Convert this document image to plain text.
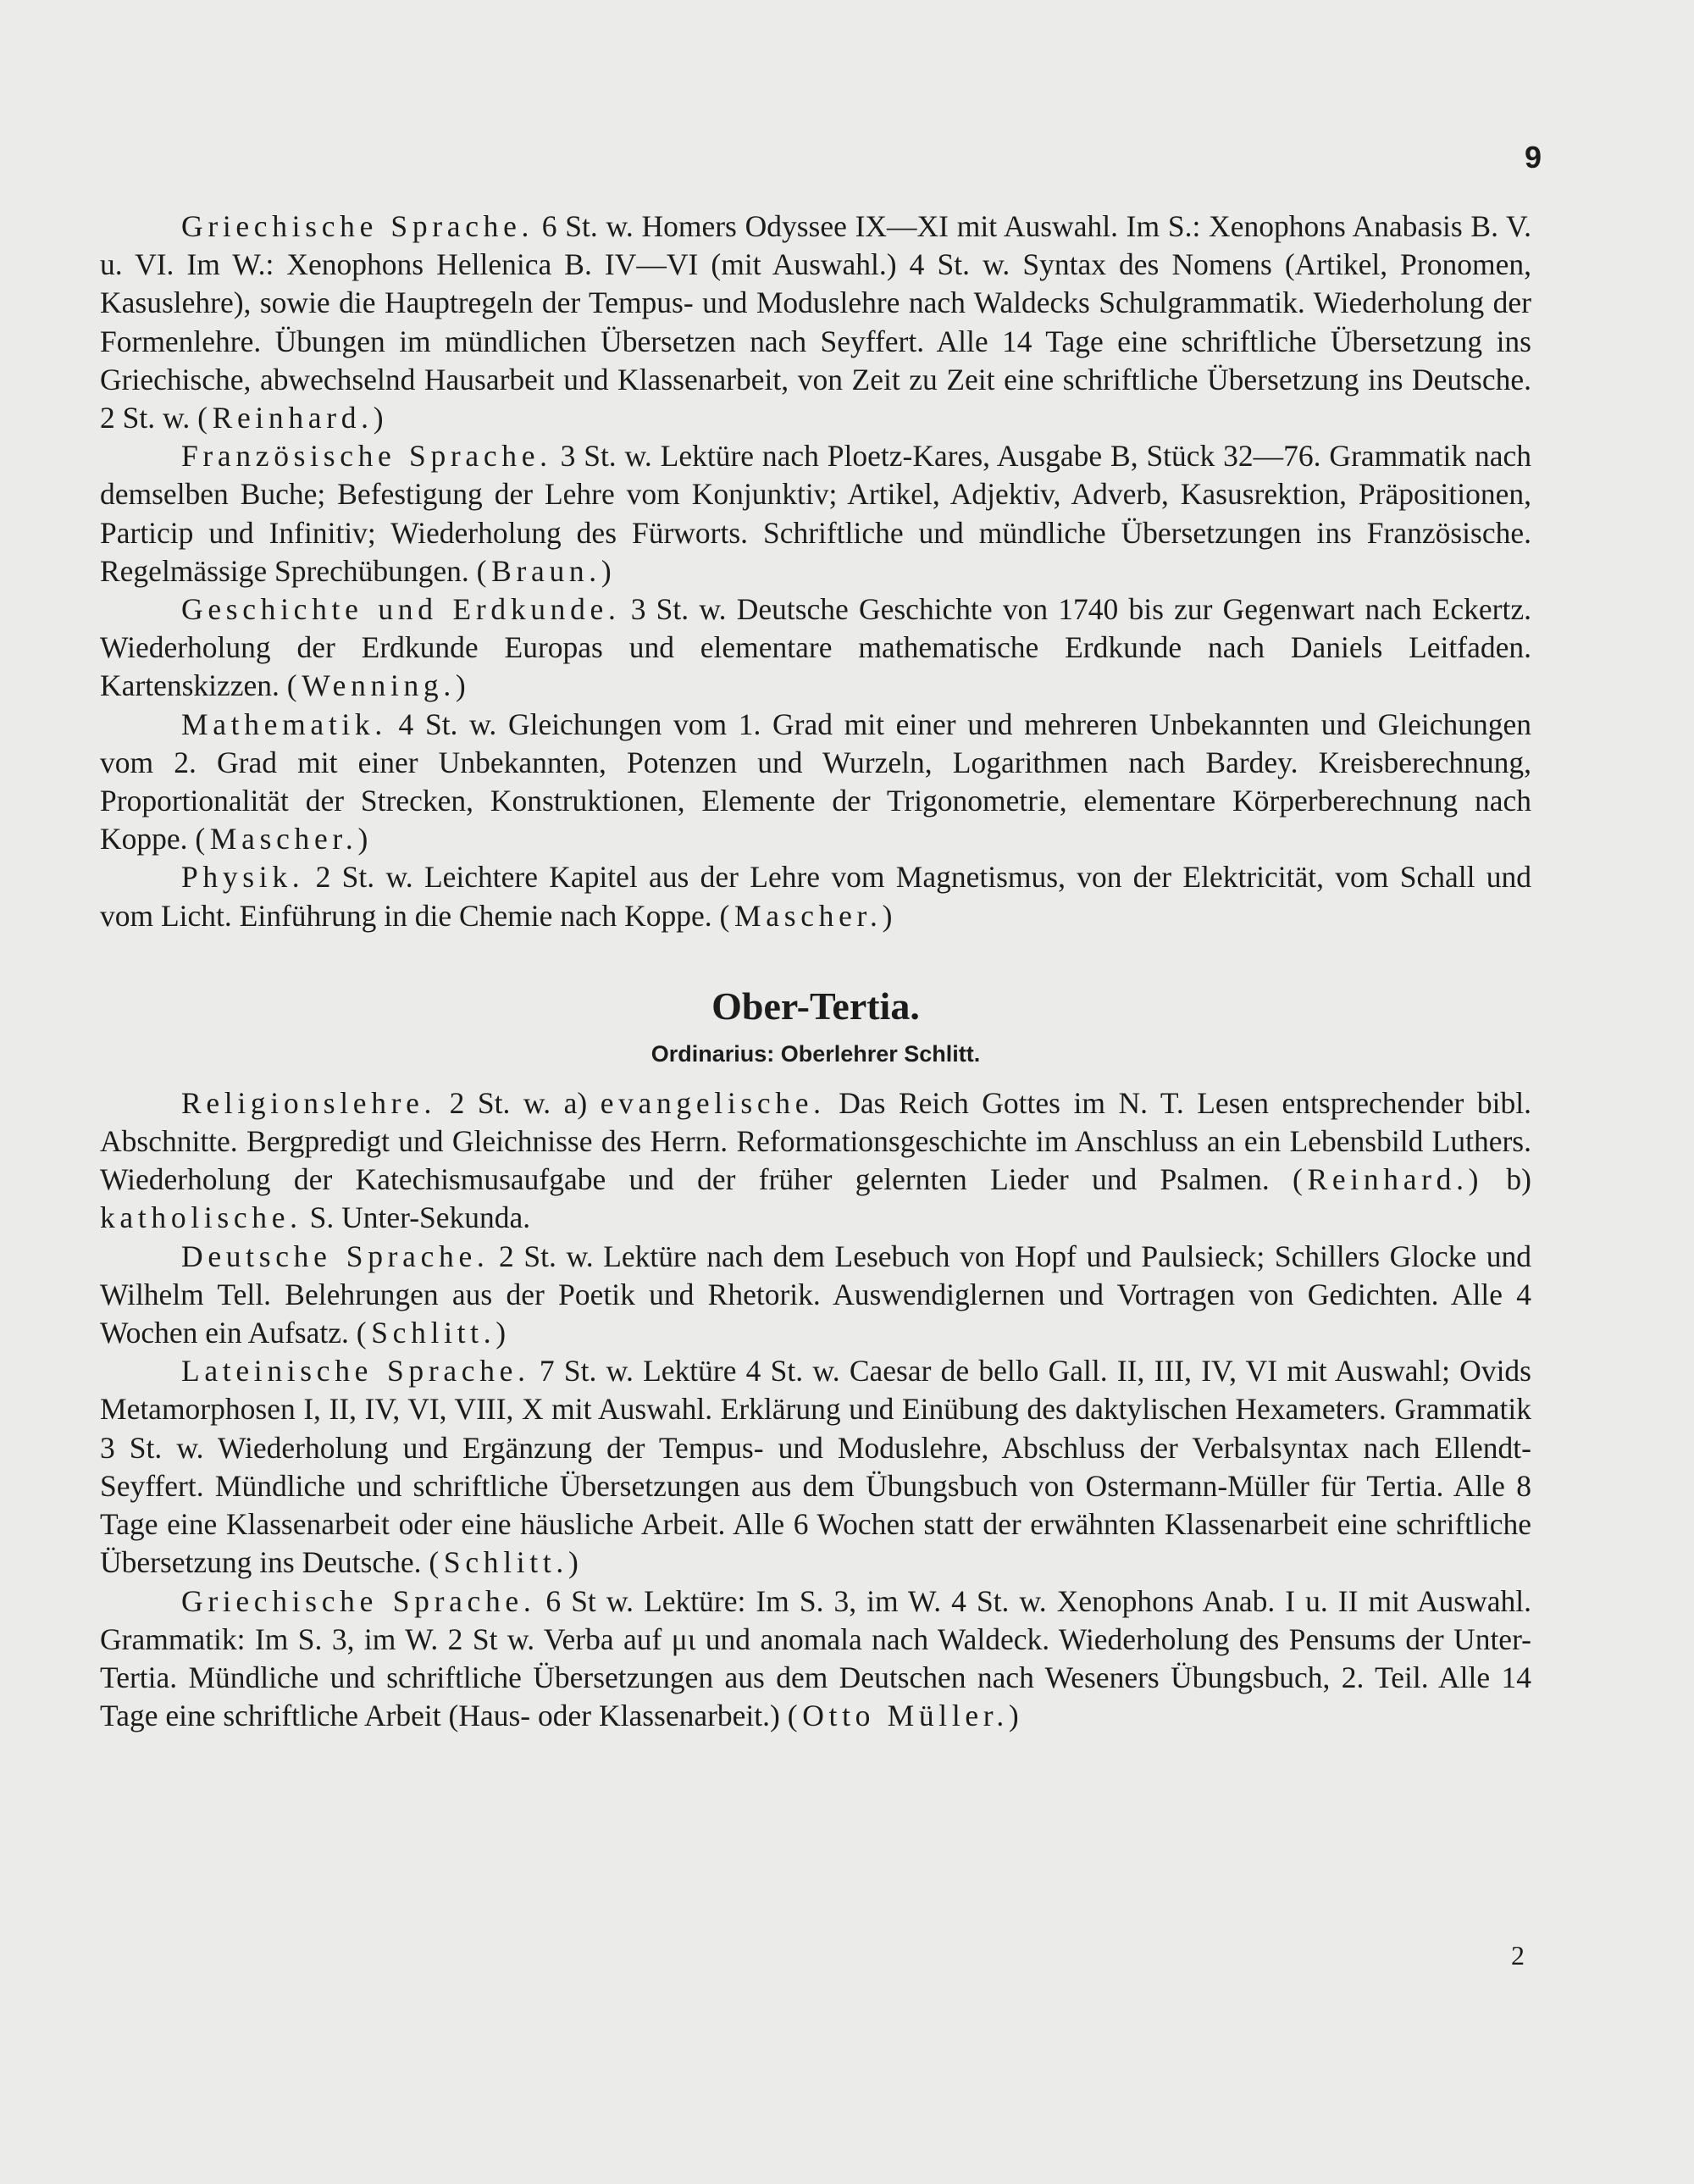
9

Griechische Sprache. 6 St. w. Homers Odyssee IX—XI mit Auswahl. Im S.: Xenophons Anabasis B. V. u. VI. Im W.: Xenophons Hellenica B. IV—VI (mit Auswahl.) 4 St. w. Syntax des Nomens (Artikel, Pronomen, Kasuslehre), sowie die Hauptregeln der Tempus- und Moduslehre nach Waldecks Schulgrammatik. Wiederholung der Formenlehre. Übungen im mündlichen Übersetzen nach Seyffert. Alle 14 Tage eine schriftliche Übersetzung ins Griechische, abwechselnd Hausarbeit und Klassenarbeit, von Zeit zu Zeit eine schriftliche Übersetzung ins Deutsche. 2 St. w. (Reinhard.)

Französische Sprache. 3 St. w. Lektüre nach Ploetz-Kares, Ausgabe B, Stück 32—76. Grammatik nach demselben Buche; Befestigung der Lehre vom Konjunktiv; Artikel, Adjektiv, Adverb, Kasusrektion, Präpositionen, Particip und Infinitiv; Wiederholung des Fürworts. Schriftliche und mündliche Übersetzungen ins Französische. Regelmässige Sprechübungen. (Braun.)

Geschichte und Erdkunde. 3 St. w. Deutsche Geschichte von 1740 bis zur Gegenwart nach Eckertz. Wiederholung der Erdkunde Europas und elementare mathematische Erdkunde nach Daniels Leitfaden. Kartenskizzen. (Wenning.)

Mathematik. 4 St. w. Gleichungen vom 1. Grad mit einer und mehreren Unbekannten und Gleichungen vom 2. Grad mit einer Unbekannten, Potenzen und Wurzeln, Logarithmen nach Bardey. Kreisberechnung, Proportionalität der Strecken, Konstruktionen, Elemente der Trigonometrie, elementare Körperberechnung nach Koppe. (Mascher.)

Physik. 2 St. w. Leichtere Kapitel aus der Lehre vom Magnetismus, von der Elektricität, vom Schall und vom Licht. Einführung in die Chemie nach Koppe. (Mascher.)

Ober-Tertia.
Ordinarius: Oberlehrer Schlitt.

Religionslehre. 2 St. w. a) evangelische. Das Reich Gottes im N. T. Lesen entsprechender bibl. Abschnitte. Bergpredigt und Gleichnisse des Herrn. Reformationsgeschichte im Anschluss an ein Lebensbild Luthers. Wiederholung der Katechismusaufgabe und der früher gelernten Lieder und Psalmen. (Reinhard.) b) katholische. S. Unter-Sekunda.

Deutsche Sprache. 2 St. w. Lektüre nach dem Lesebuch von Hopf und Paulsieck; Schillers Glocke und Wilhelm Tell. Belehrungen aus der Poetik und Rhetorik. Auswendiglernen und Vortragen von Gedichten. Alle 4 Wochen ein Aufsatz. (Schlitt.)

Lateinische Sprache. 7 St. w. Lektüre 4 St. w. Caesar de bello Gall. II, III, IV, VI mit Auswahl; Ovids Metamorphosen I, II, IV, VI, VIII, X mit Auswahl. Erklärung und Einübung des daktylischen Hexameters. Grammatik 3 St. w. Wiederholung und Ergänzung der Tempus- und Moduslehre, Abschluss der Verbalsyntax nach Ellendt-Seyffert. Mündliche und schriftliche Übersetzungen aus dem Übungsbuch von Ostermann-Müller für Tertia. Alle 8 Tage eine Klassenarbeit oder eine häusliche Arbeit. Alle 6 Wochen statt der erwähnten Klassenarbeit eine schriftliche Übersetzung ins Deutsche. (Schlitt.)

Griechische Sprache. 6 St w. Lektüre: Im S. 3, im W. 4 St. w. Xenophons Anab. I u. II mit Auswahl. Grammatik: Im S. 3, im W. 2 St w. Verba auf μι und anomala nach Waldeck. Wiederholung des Pensums der Unter-Tertia. Mündliche und schriftliche Übersetzungen aus dem Deutschen nach Weseners Übungsbuch, 2. Teil. Alle 14 Tage eine schriftliche Arbeit (Haus- oder Klassenarbeit.) (Otto Müller.)

2
